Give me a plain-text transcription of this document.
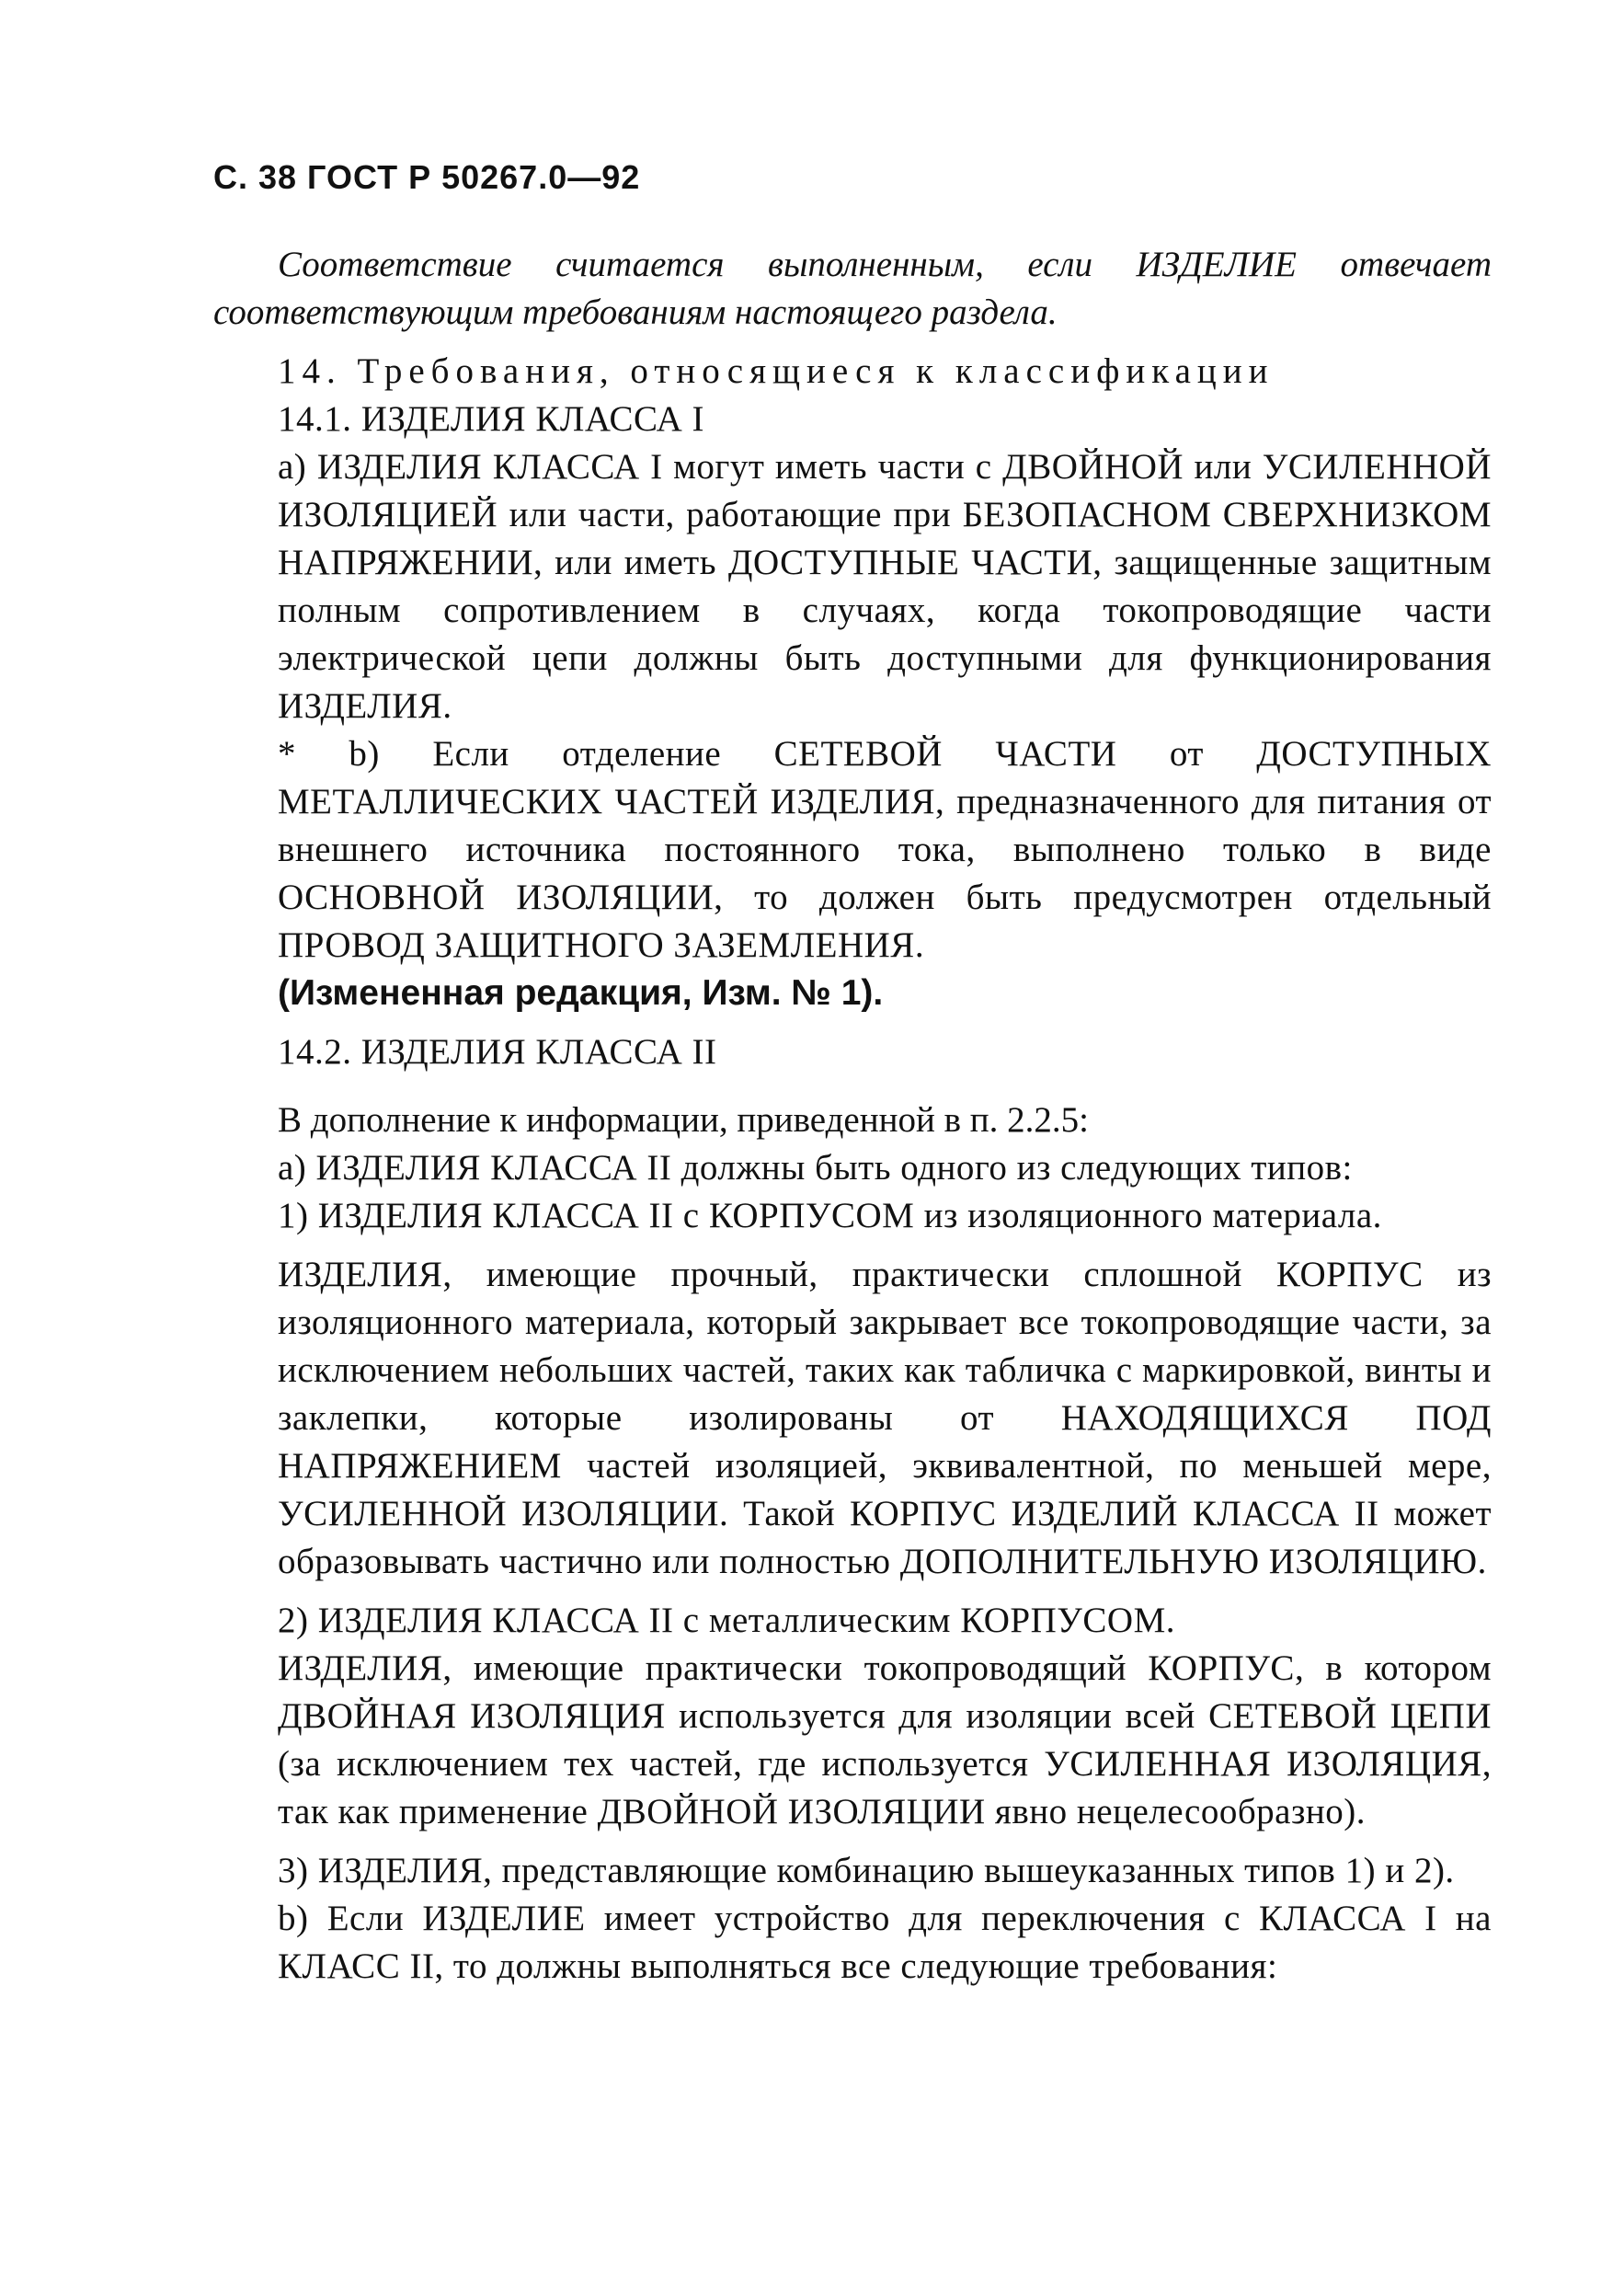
С. 38 ГОСТ Р 50267.0—92

Соответствие считается выполненным, если ИЗДЕЛИЕ отвечает соответствующим требованиям настоящего раздела.

14. Требования, относящиеся к классификации

14.1. ИЗДЕЛИЯ КЛАССА I

а) ИЗДЕЛИЯ КЛАССА I могут иметь части с ДВОЙНОЙ или УСИЛЕННОЙ ИЗОЛЯЦИЕЙ или части, работающие при БЕЗОПАСНОМ СВЕРХНИЗКОМ НАПРЯЖЕНИИ, или иметь ДОСТУПНЫЕ ЧАСТИ, защищенные защитным полным сопротивлением в случаях, когда токопроводящие части электрической цепи должны быть доступными для функционирования ИЗДЕЛИЯ.

* b) Если отделение СЕТЕВОЙ ЧАСТИ от ДОСТУПНЫХ МЕТАЛЛИЧЕСКИХ ЧАСТЕЙ ИЗДЕЛИЯ, предназначенного для питания от внешнего источника постоянного тока, выполнено только в виде ОСНОВНОЙ ИЗОЛЯЦИИ, то должен быть предусмотрен отдельный ПРОВОД ЗАЩИТНОГО ЗАЗЕМЛЕНИЯ.

(Измененная редакция, Изм. № 1).

14.2. ИЗДЕЛИЯ КЛАССА II

В дополнение к информации, приведенной в п. 2.2.5:

а) ИЗДЕЛИЯ КЛАССА II должны быть одного из следующих типов:

1) ИЗДЕЛИЯ КЛАССА II с КОРПУСОМ из изоляционного материала.

ИЗДЕЛИЯ, имеющие прочный, практически сплошной КОРПУС из изоляционного материала, который закрывает все токопроводящие части, за исключением небольших частей, таких как табличка с маркировкой, винты и заклепки, которые изолированы от НАХОДЯЩИХСЯ ПОД НАПРЯЖЕНИЕМ частей изоляцией, эквивалентной, по меньшей мере, УСИЛЕННОЙ ИЗОЛЯЦИИ. Такой КОРПУС ИЗДЕЛИЙ КЛАССА II может образовывать частично или полностью ДОПОЛНИТЕЛЬНУЮ ИЗОЛЯЦИЮ.

2) ИЗДЕЛИЯ КЛАССА II с металлическим КОРПУСОМ.

ИЗДЕЛИЯ, имеющие практически токопроводящий КОРПУС, в котором ДВОЙНАЯ ИЗОЛЯЦИЯ используется для изоляции всей СЕТЕВОЙ ЦЕПИ (за исключением тех частей, где используется УСИЛЕННАЯ ИЗОЛЯЦИЯ, так как применение ДВОЙНОЙ ИЗОЛЯЦИИ явно нецелесообразно).

3) ИЗДЕЛИЯ, представляющие комбинацию вышеуказанных типов 1) и 2).

b) Если ИЗДЕЛИЕ имеет устройство для переключения с КЛАССА I на КЛАСС II, то должны выполняться все следующие требования:
